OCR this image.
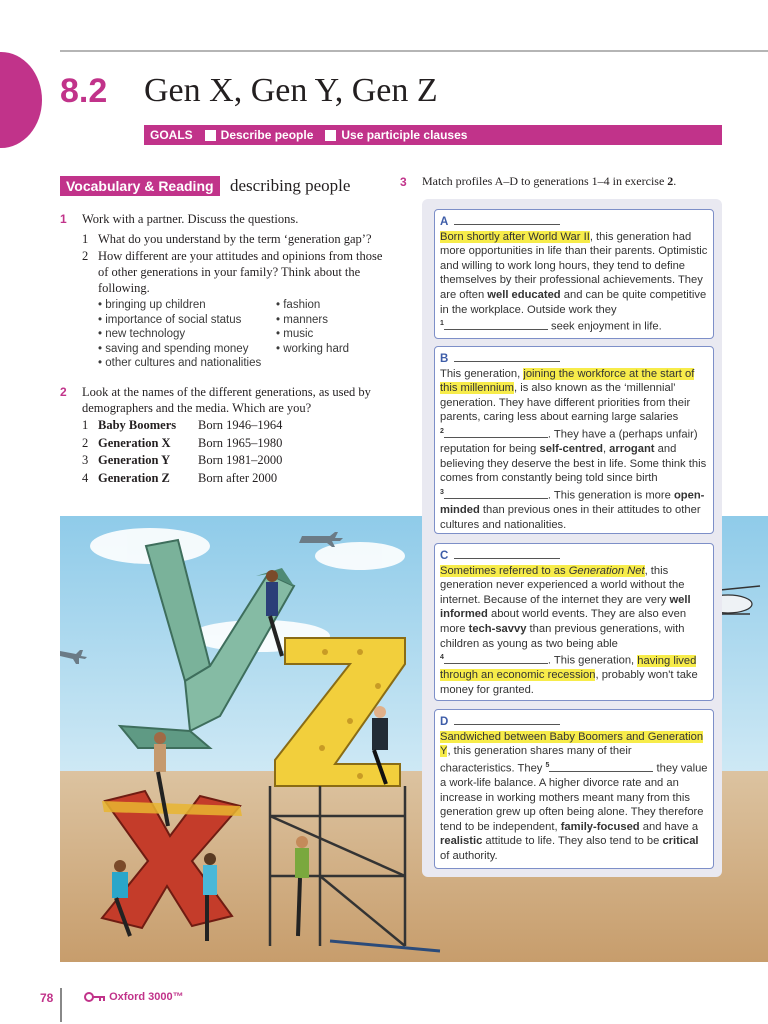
8.2 Gen X, Gen Y, Gen Z
GOALS Describe people Use participle clauses
Vocabulary & Reading describing people
1 Work with a partner. Discuss the questions.
1 What do you understand by the term ‘generation gap’?
2 How different are your attitudes and opinions from those of other generations in your family? Think about the following.
• bringing up children
• importance of social status
• new technology
• saving and spending money
• other cultures and nationalities
• fashion
• manners
• music
• working hard
2 Look at the names of the different generations, as used by demographers and the media. Which are you?
1 Baby Boomers Born 1946–1964
2 Generation X Born 1965–1980
3 Generation Y Born 1981–2000
4 Generation Z Born after 2000
3 Match profiles A–D to generations 1–4 in exercise 2.
A
Born shortly after World War II, this generation had more opportunities in life than their parents. Optimistic and willing to work long hours, they tend to define themselves by their professional achievements. They are often well educated and can be quite competitive in the workplace. Outside work they
$^1$	seek enjoyment in life.
B
This generation, joining the workforce at the start of this millennium, is also known as the ‘millennial’ generation. They have different priorities from their parents, caring less about earning large salaries
$^2$	. They have a (perhaps unfair) reputation for being self-centred, arrogant and believing they deserve the best in life. Some think this comes from constantly being told since birth
$^3$	. This generation is more open-minded than previous ones in their attitudes to other cultures and nationalities.
C
Sometimes referred to as Generation Net, this generation never experienced a world without the internet. Because of the internet they are very well informed about world events. They are also even more tech-savvy than previous generations, with children as young as two being able
$^4$	. This generation, having lived through an economic recession, probably won't take money for granted.
D
Sandwiched between Baby Boomers and Generation Y, this generation shares many of their characteristics. They $^5$	they value a work-life balance. A higher divorce rate and an increase in working mothers meant many from this generation grew up often being alone. They therefore tend to be independent, family-focused and have a realistic attitude to life. They also tend to be critical of authority.
78	Oxford 3000™
